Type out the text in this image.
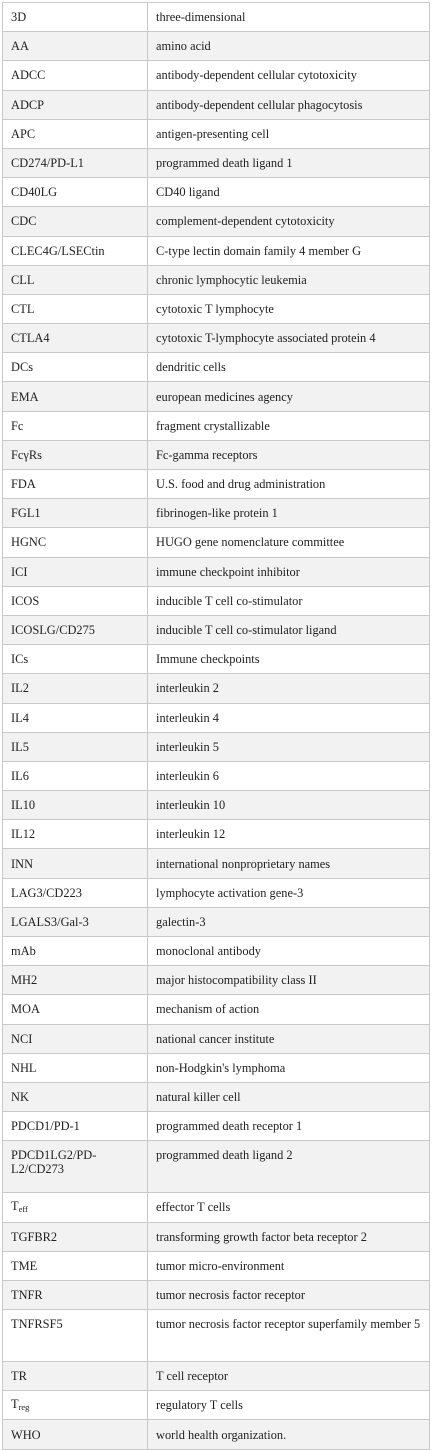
3D	three-dimensional
AA	amino acid
ADCC	antibody-dependent cellular cytotoxicity
ADCP	antibody-dependent cellular phagocytosis
APC	antigen-presenting cell
CD274/PD-L1	programmed death ligand 1
CD40LG	CD40 ligand
CDC	complement-dependent cytotoxicity
CLEC4G/LSECtin	C-type lectin domain family 4 member G
CLL	chronic lymphocytic leukemia
CTL	cytotoxic T lymphocyte
CTLA4	cytotoxic T-lymphocyte associated protein 4
DCs	dendritic cells
EMA	european medicines agency
Fc	fragment crystallizable
FcγRs	Fc-gamma receptors
FDA	U.S. food and drug administration
FGL1	fibrinogen-like protein 1
HGNC	HUGO gene nomenclature committee
ICI	immune checkpoint inhibitor
ICOS	inducible T cell co-stimulator
ICOSLG/CD275	inducible T cell co-stimulator ligand
ICs	Immune checkpoints
IL2	interleukin 2
IL4	interleukin 4
IL5	interleukin 5
IL6	interleukin 6
IL10	interleukin 10
IL12	interleukin 12
INN	international nonproprietary names
LAG3/CD223	lymphocyte activation gene-3
LGALS3/Gal-3	galectin-3
mAb	monoclonal antibody
MH2	major histocompatibility class II
MOA	mechanism of action
NCI	national cancer institute
NHL	non-Hodgkin's lymphoma
NK	natural killer cell
PDCD1/PD-1	programmed death receptor 1
PDCD1LG2/PD-L2/CD273	programmed death ligand 2
$T_{eff}$	effector T cells
TGFBR2	transforming growth factor beta receptor 2
TME	tumor micro-environment
TNFR	tumor necrosis factor receptor
TNFRSF5	tumor necrosis factor receptor superfamily member 5
TR	T cell receptor
$T_{reg}$	regulatory T cells
WHO	world health organization.
